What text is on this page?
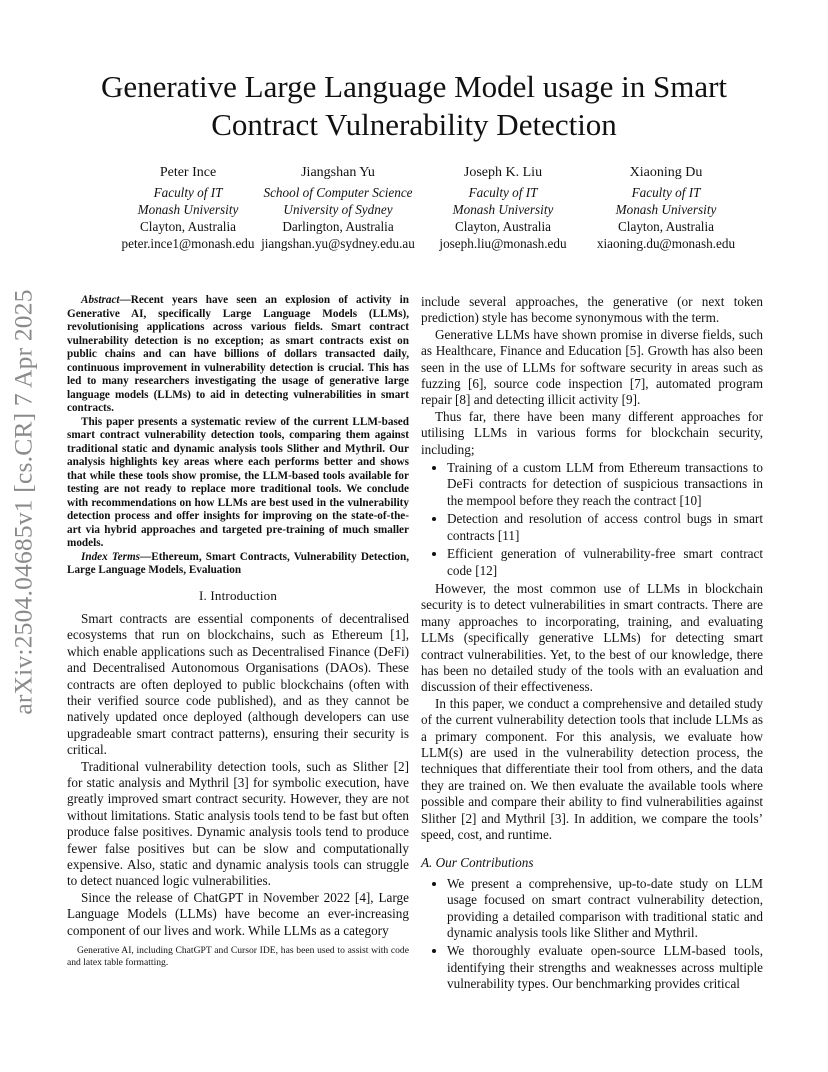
arXiv:2504.04685v1 [cs.CR] 7 Apr 2025
Generative Large Language Model usage in Smart
Contract Vulnerability Detection
Peter Ince
Faculty of IT
Monash University
Clayton, Australia
peter.ince1@monash.edu
Jiangshan Yu
School of Computer Science
University of Sydney
Darlington, Australia
jiangshan.yu@sydney.edu.au
Joseph K. Liu
Faculty of IT
Monash University
Clayton, Australia
joseph.liu@monash.edu
Xiaoning Du
Faculty of IT
Monash University
Clayton, Australia
xiaoning.du@monash.edu

Abstract—Recent years have seen an explosion of activity in Generative AI, specifically Large Language Models (LLMs), revolutionising applications across various fields. Smart contract vulnerability detection is no exception; as smart contracts exist on public chains and can have billions of dollars transacted daily, continuous improvement in vulnerability detection is crucial. This has led to many researchers investigating the usage of generative large language models (LLMs) to aid in detecting vulnerabilities in smart contracts.

This paper presents a systematic review of the current LLM-based smart contract vulnerability detection tools, comparing them against traditional static and dynamic analysis tools Slither and Mythril. Our analysis highlights key areas where each performs better and shows that while these tools show promise, the LLM-based tools available for testing are not ready to replace more traditional tools. We conclude with recommendations on how LLMs are best used in the vulnerability detection process and offer insights for improving on the state-of-the-art via hybrid approaches and targeted pre-training of much smaller models.

Index Terms—Ethereum, Smart Contracts, Vulnerability Detection, Large Language Models, Evaluation

I. Introduction

Smart contracts are essential components of decentralised ecosystems that run on blockchains, such as Ethereum [1], which enable applications such as Decentralised Finance (DeFi) and Decentralised Autonomous Organisations (DAOs). These contracts are often deployed to public blockchains (often with their verified source code published), and as they cannot be natively updated once deployed (although developers can use upgradeable smart contract patterns), ensuring their security is critical.

Traditional vulnerability detection tools, such as Slither [2] for static analysis and Mythril [3] for symbolic execution, have greatly improved smart contract security. However, they are not without limitations. Static analysis tools tend to be fast but often produce false positives. Dynamic analysis tools tend to produce fewer false positives but can be slow and computationally expensive. Also, static and dynamic analysis tools can struggle to detect nuanced logic vulnerabilities.

Since the release of ChatGPT in November 2022 [4], Large Language Models (LLMs) have become an ever-increasing component of our lives and work. While LLMs as a category

Generative AI, including ChatGPT and Cursor IDE, has been used to assist with code and latex table formatting.

include several approaches, the generative (or next token prediction) style has become synonymous with the term.

Generative LLMs have shown promise in diverse fields, such as Healthcare, Finance and Education [5]. Growth has also been seen in the use of LLMs for software security in areas such as fuzzing [6], source code inspection [7], automated program repair [8] and detecting illicit activity [9].

Thus far, there have been many different approaches for utilising LLMs in various forms for blockchain security, including;

• Training of a custom LLM from Ethereum transactions to DeFi contracts for detection of suspicious transactions in the mempool before they reach the contract [10]
• Detection and resolution of access control bugs in smart contracts [11]
• Efficient generation of vulnerability-free smart contract code [12]

However, the most common use of LLMs in blockchain security is to detect vulnerabilities in smart contracts. There are many approaches to incorporating, training, and evaluating LLMs (specifically generative LLMs) for detecting smart contract vulnerabilities. Yet, to the best of our knowledge, there has been no detailed study of the tools with an evaluation and discussion of their effectiveness.

In this paper, we conduct a comprehensive and detailed study of the current vulnerability detection tools that include LLMs as a primary component. For this analysis, we evaluate how LLM(s) are used in the vulnerability detection process, the techniques that differentiate their tool from others, and the data they are trained on. We then evaluate the available tools where possible and compare their ability to find vulnerabilities against Slither [2] and Mythril [3]. In addition, we compare the tools’ speed, cost, and runtime.

A. Our Contributions
• We present a comprehensive, up-to-date study on LLM usage focused on smart contract vulnerability detection, providing a detailed comparison with traditional static and dynamic analysis tools like Slither and Mythril.
• We thoroughly evaluate open-source LLM-based tools, identifying their strengths and weaknesses across multiple vulnerability types. Our benchmarking provides critical
